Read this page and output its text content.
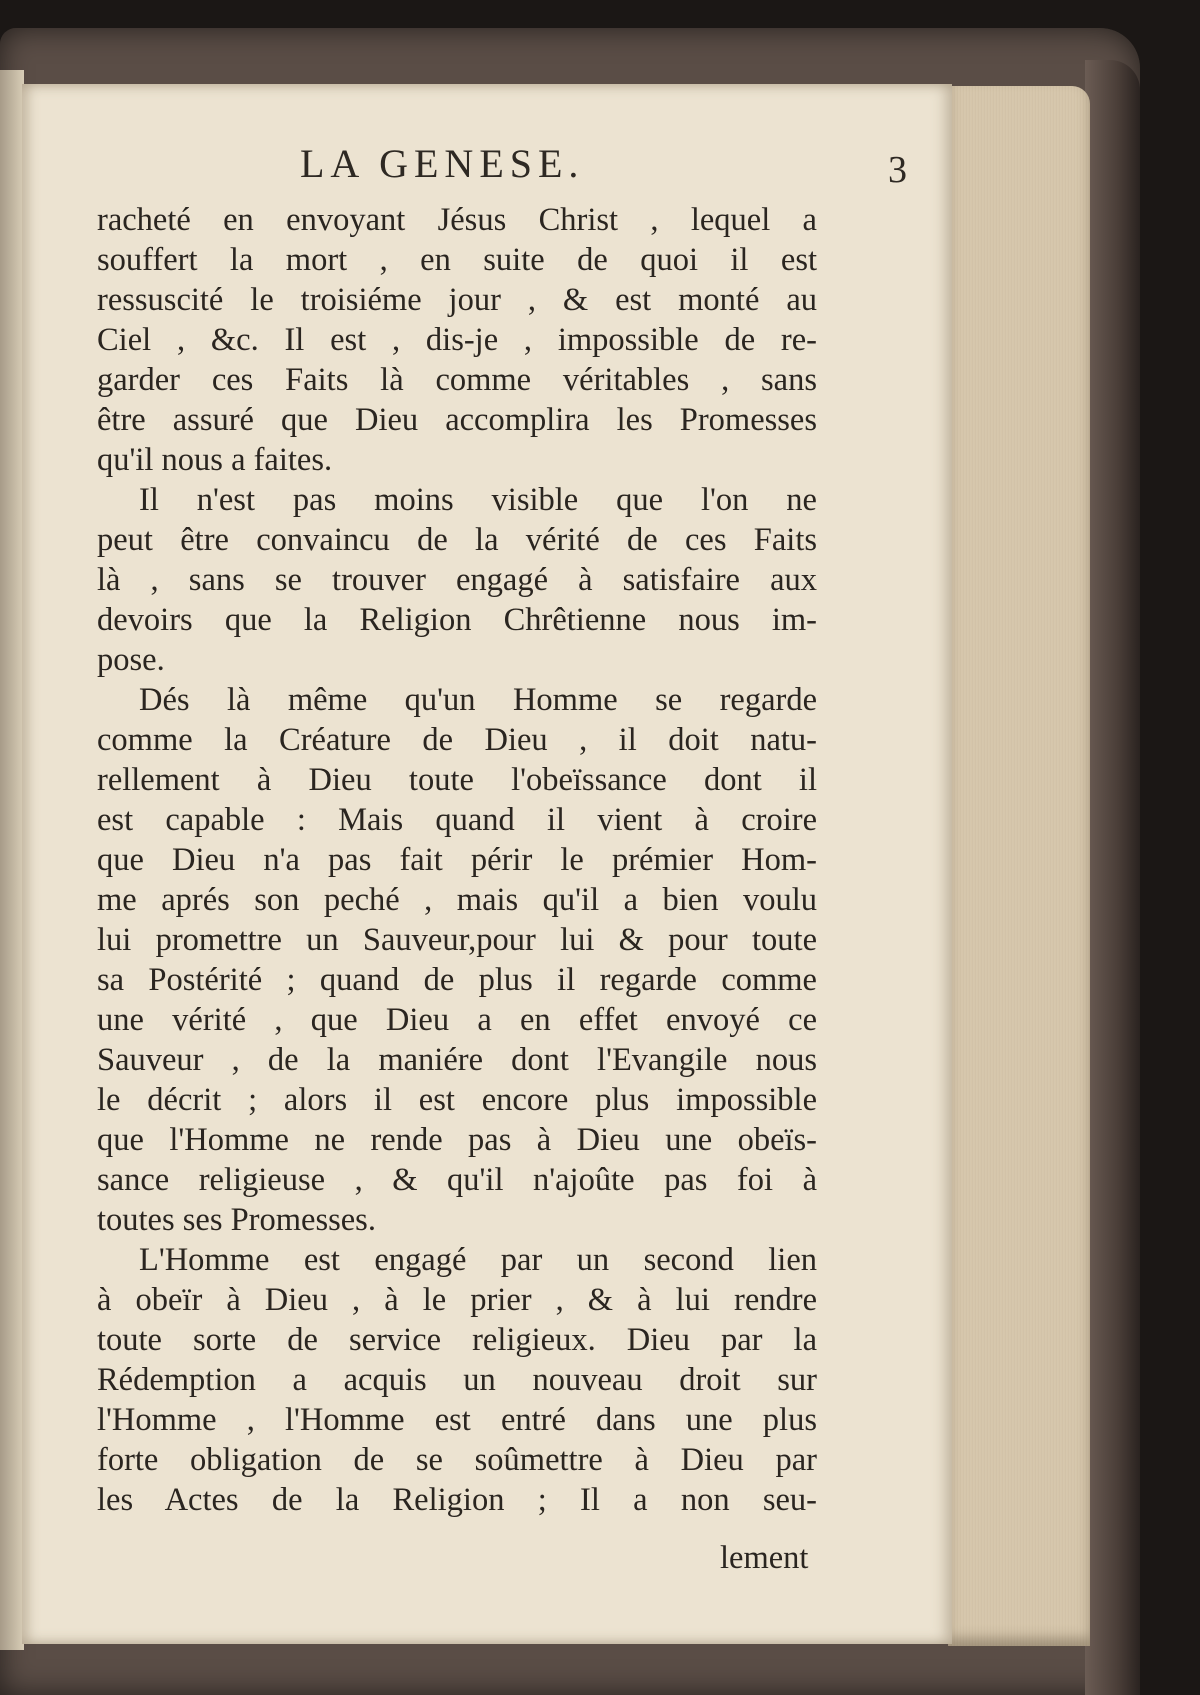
LA GENESE.	3

racheté en envoyant Jésus Christ , lequel a
souffert la mort , en suite de quoi il est
ressuscité le troisiéme jour , & est monté au
Ciel , &c. Il est , dis-je , impossible de re-
garder ces Faits là comme véritables , sans
être assuré que Dieu accomplira les Promesses
qu'il nous a faites.

Il n'est pas moins visible que l'on ne
peut être convaincu de la vérité de ces Faits
là , sans se trouver engagé à satisfaire aux
devoirs que la Religion Chrêtienne nous im-
pose.

Dés là même qu'un Homme se regarde
comme la Créature de Dieu , il doit natu-
rellement à Dieu toute l'obeïssance dont il
est capable : Mais quand il vient à croire
que Dieu n'a pas fait périr le prémier Hom-
me aprés son peché , mais qu'il a bien voulu
lui promettre un Sauveur,pour lui & pour toute
sa Postérité ; quand de plus il regarde comme
une vérité , que Dieu a en effet envoyé ce
Sauveur , de la maniére dont l'Evangile nous
le décrit ; alors il est encore plus impossible
que l'Homme ne rende pas à Dieu une obeïs-
sance religieuse , & qu'il n'ajoûte pas foi à
toutes ses Promesses.

L'Homme est engagé par un second lien
à obeïr à Dieu , à le prier , & à lui rendre
toute sorte de service religieux. Dieu par la
Rédemption a acquis un nouveau droit sur
l'Homme , l'Homme est entré dans une plus
forte obligation de se soûmettre à Dieu par
les Actes de la Religion ; Il a non seu-

lement
